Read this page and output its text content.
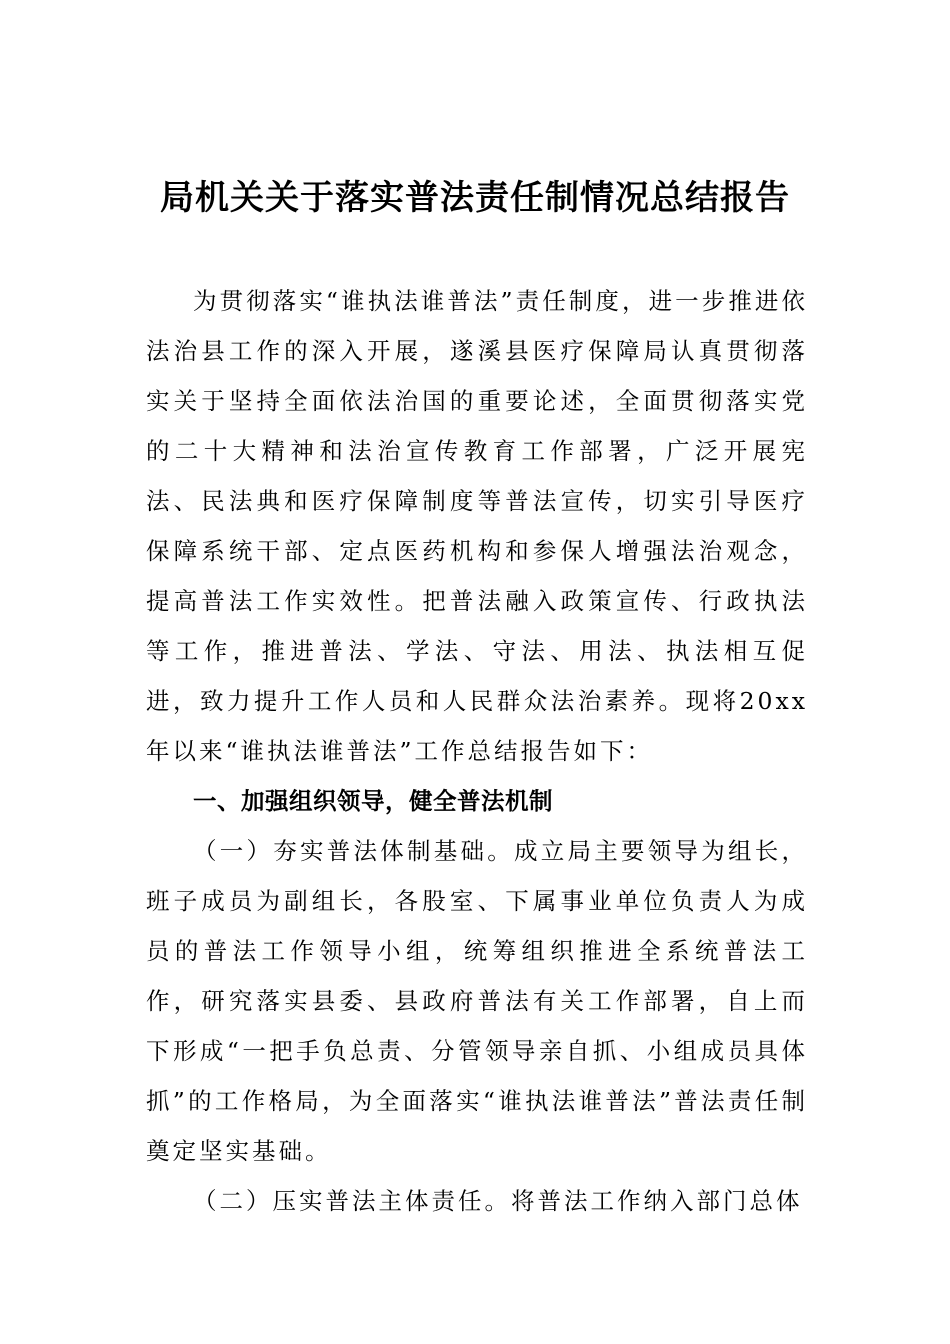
局机关关于落实普法责任制情况总结报告

为贯彻落实“谁执法谁普法”责任制度，进一步推进依法治县工作的深入开展，遂溪县医疗保障局认真贯彻落实关于坚持全面依法治国的重要论述，全面贯彻落实党的二十大精神和法治宣传教育工作部署，广泛开展宪法、民法典和医疗保障制度等普法宣传，切实引导医疗保障系统干部、定点医药机构和参保人增强法治观念，提高普法工作实效性。把普法融入政策宣传、行政执法等工作，推进普法、学法、守法、用法、执法相互促进，致力提升工作人员和人民群众法治素养。现将20xx年以来“谁执法谁普法”工作总结报告如下：

一、加强组织领导，健全普法机制

（一）夯实普法体制基础。成立局主要领导为组长，班子成员为副组长，各股室、下属事业单位负责人为成员的普法工作领导小组，统筹组织推进全系统普法工作，研究落实县委、县政府普法有关工作部署，自上而下形成“一把手负总责、分管领导亲自抓、小组成员具体抓”的工作格局，为全面落实“谁执法谁普法”普法责任制奠定坚实基础。

（二）压实普法主体责任。将普法工作纳入部门总体
